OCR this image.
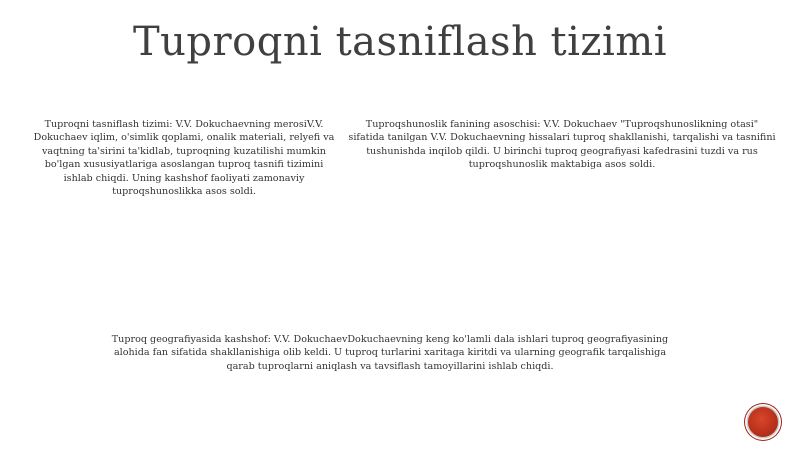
Tuproqni tasniflash tizimi
Tuproqni tasniflash tizimi: V.V. Dokuchaevning merosiV.V. Dokuchaev iqlim, o'simlik qoplami, onalik materiali, relyefi va vaqtning ta'sirini ta'kidlab, tuproqning kuzatilishi mumkin bo'lgan xususiyatlariga asoslangan tuproq tasnifi tizimini ishlab chiqdi. Uning kashshof faoliyati zamonaviy tuproqshunoslikka asos soldi.
Tuproqshunoslik fanining asoschisi: V.V. Dokuchaev "Tuproqshunoslikning otasi" sifatida tanilgan V.V. Dokuchaevning hissalari tuproq shakllanishi, tarqalishi va tasnifini tushunishda inqilob qildi. U birinchi tuproq geografiyasi kafedrasini tuzdi va rus tuproqshunoslik maktabiga asos soldi.
Tuproq geografiyasida kashshof: V.V. DokuchaevDokuchaevning keng ko'lamli dala ishlari tuproq geografiyasining alohida fan sifatida shakllanishiga olib keldi. U tuproq turlarini xaritaga kiritdi va ularning geografik tarqalishiga qarab tuproqlarni aniqlash va tavsiflash tamoyillarini ishlab chiqdi.
